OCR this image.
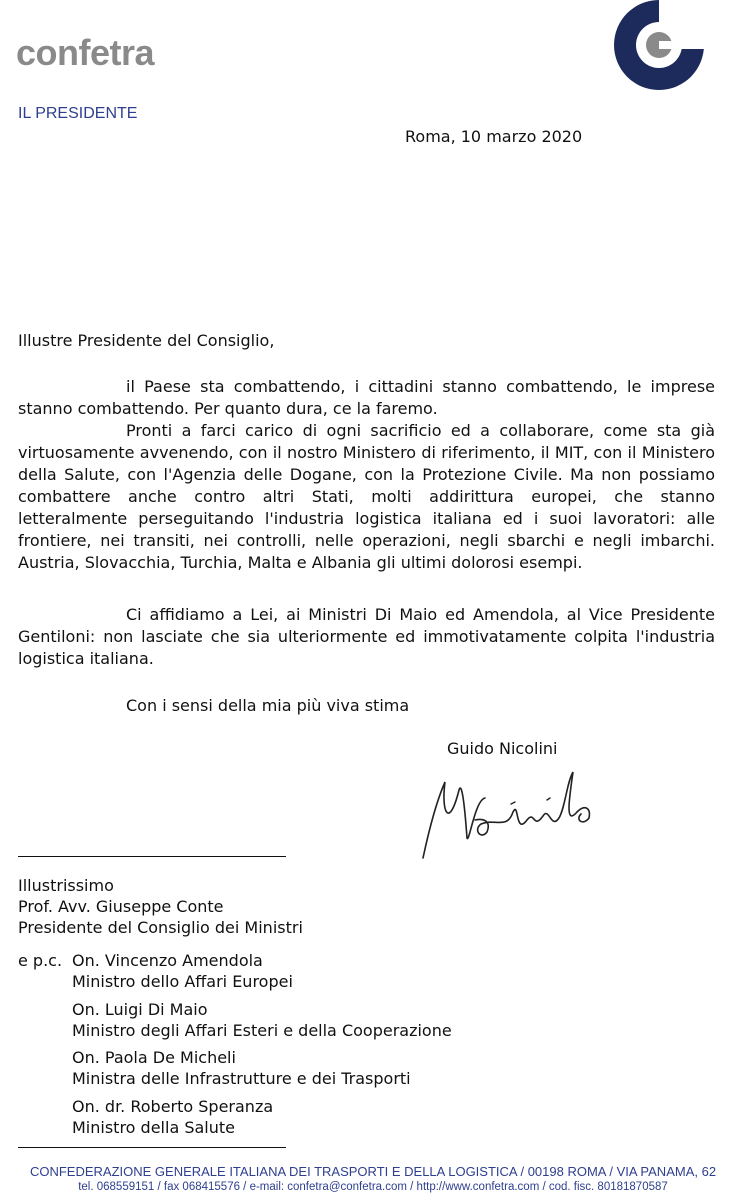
confetra
IL PRESIDENTE
Roma, 10 marzo 2020
Illustre Presidente del Consiglio,

il Paese sta combattendo, i cittadini stanno combattendo, le imprese stanno combattendo. Per quanto dura, ce la faremo.

Pronti a farci carico di ogni sacrificio ed a collaborare, come sta già virtuosamente avvenendo, con il nostro Ministero di riferimento, il MIT, con il Ministero della Salute, con l'Agenzia delle Dogane, con la Protezione Civile. Ma non possiamo combattere anche contro altri Stati, molti addirittura europei, che stanno letteralmente perseguitando l'industria logistica italiana ed i suoi lavoratori: alle frontiere, nei transiti, nei controlli, nelle operazioni, negli sbarchi e negli imbarchi. Austria, Slovacchia, Turchia, Malta e Albania gli ultimi dolorosi esempi.

Ci affidiamo a Lei, ai Ministri Di Maio ed Amendola, al Vice Presidente Gentiloni: non lasciate che sia ulteriormente ed immotivatamente colpita l'industria logistica italiana.

Con i sensi della mia più viva stima
Guido Nicolini
Illustrissimo
Prof. Avv. Giuseppe Conte
Presidente del Consiglio dei Ministri
e p.c. On. Vincenzo Amendola
Ministro dello Affari Europei
On. Luigi Di Maio
Ministro degli Affari Esteri e della Cooperazione
On. Paola De Micheli
Ministra delle Infrastrutture e dei Trasporti
On. dr. Roberto Speranza
Ministro della Salute
CONFEDERAZIONE GENERALE ITALIANA DEI TRASPORTI E DELLA LOGISTICA / 00198 ROMA / VIA PANAMA, 62
tel. 068559151 / fax 068415576 / e-mail: confetra@confetra.com / http://www.confetra.com / cod. fisc. 80181870587
